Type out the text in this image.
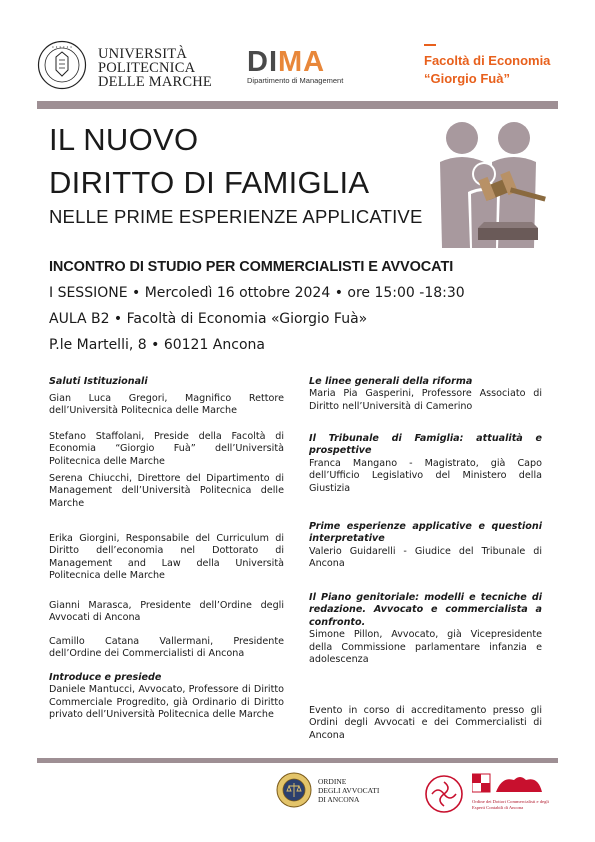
• • • • • • UNIVERSITÀ
POLITECNICA
DELLE MARCHE
DIMA
Dipartimento di Management
Facoltà di Economia
“Giorgio Fuà”
IL NUOVO
DIRITTO DI FAMIGLIA
NELLE PRIME ESPERIENZE APPLICATIVE
INCONTRO DI STUDIO PER COMMERCIALISTI E AVVOCATI
I SESSIONE • Mercoledì 16 ottobre 2024 • ore 15:00 -18:30
AULA B2 • Facoltà di Economia «Giorgio Fuà»
P.le Martelli, 8 • 60121 Ancona
Saluti Istituzionali

Gian Luca Gregori, Magnifico Rettore dell’Università Politecnica delle Marche

Stefano Staffolani, Preside della Facoltà di Economia “Giorgio Fuà” dell’Università Politecnica delle Marche

Serena Chiucchi, Direttore del Dipartimento di Management dell’Università Politecnica delle Marche

Erika Giorgini, Responsabile del Curriculum di Diritto dell’economia nel Dottorato di Management and Law della Università Politecnica delle Marche

Gianni Marasca, Presidente dell’Ordine degli Avvocati di Ancona

Camillo Catana Vallermani, Presidente dell’Ordine dei Commercialisti di Ancona

Introduce e presiede

Daniele Mantucci, Avvocato, Professore di Diritto Commerciale Progredito, già Ordinario di Diritto privato dell’Università Politecnica delle Marche

Le linee generali della riforma

Maria Pia Gasperini, Professore Associato di Diritto nell’Università di Camerino

Il Tribunale di Famiglia: attualità e prospettive

Franca Mangano - Magistrato, già Capo dell’Ufficio Legislativo del Ministero della Giustizia

Prime esperienze applicative e questioni interpretative

Valerio Guidarelli - Giudice del Tribunale di Ancona

Il Piano genitoriale: modelli e tecniche di redazione. Avvocato e commercialista a confronto.

Simone Pillon, Avvocato, già Vicepresidente della Commissione parlamentare infanzia e adolescenza

Evento in corso di accreditamento presso gli Ordini degli Avvocati e dei Commercialisti di Ancona

ORDINE
DEGLI AVVOCATI
DI ANCONA	Ordine dei Dottori Commercialisti e degli Esperti Contabili di Ancona
